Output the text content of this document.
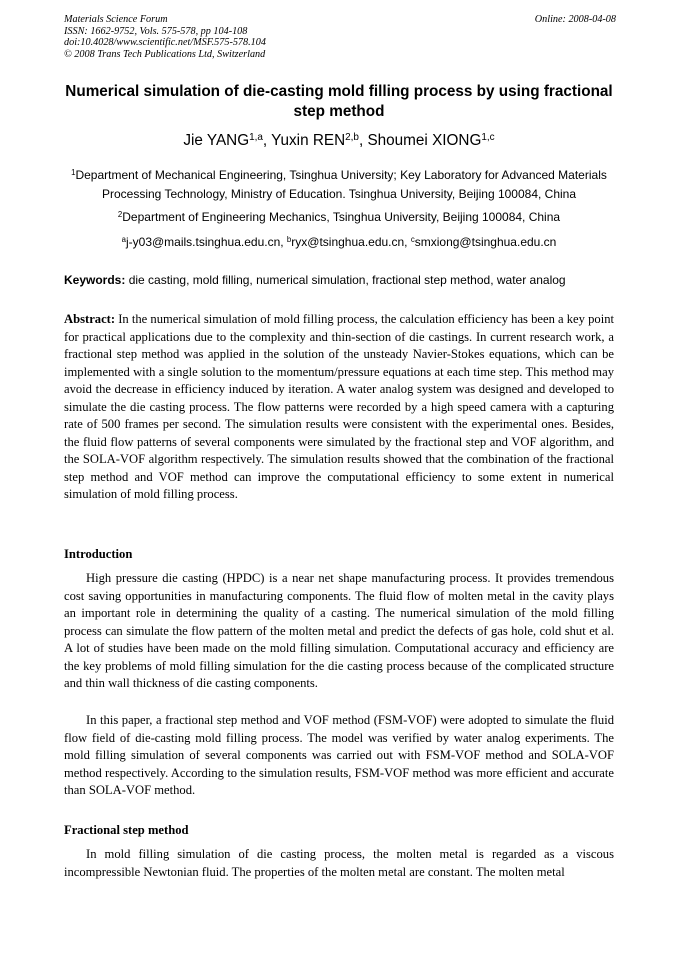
Materials Science Forum
ISSN: 1662-9752, Vols. 575-578, pp 104-108
doi:10.4028/www.scientific.net/MSF.575-578.104
© 2008 Trans Tech Publications Ltd, Switzerland
Online: 2008-04-08
Numerical simulation of die-casting mold filling process by using fractional step method
Jie YANG$^{1,a}$, Yuxin REN$^{2,b}$, Shoumei XIONG$^{1,c}$
$^1$Department of Mechanical Engineering, Tsinghua University; Key Laboratory for Advanced Materials Processing Technology, Ministry of Education. Tsinghua University, Beijing 100084, China
$^2$Department of Engineering Mechanics, Tsinghua University, Beijing 100084, China
$^a$j-y03@mails.tsinghua.edu.cn, $^b$ryx@tsinghua.edu.cn, $^c$smxiong@tsinghua.edu.cn
Keywords: die casting, mold filling, numerical simulation, fractional step method, water analog
Abstract: In the numerical simulation of mold filling process, the calculation efficiency has been a key point for practical applications due to the complexity and thin-section of die castings. In current research work, a fractional step method was applied in the solution of the unsteady Navier-Stokes equations, which can be implemented with a single solution to the momentum/pressure equations at each time step. This method may avoid the decrease in efficiency induced by iteration. A water analog system was designed and developed to simulate the die casting process. The flow patterns were recorded by a high speed camera with a capturing rate of 500 frames per second. The simulation results were consistent with the experimental ones. Besides, the fluid flow patterns of several components were simulated by the fractional step and VOF algorithm, and the SOLA-VOF algorithm respectively. The simulation results showed that the combination of the fractional step method and VOF method can improve the computational efficiency to some extent in numerical simulation of mold filling process.
Introduction
High pressure die casting (HPDC) is a near net shape manufacturing process. It provides tremendous cost saving opportunities in manufacturing components. The fluid flow of molten metal in the cavity plays an important role in determining the quality of a casting. The numerical simulation of the mold filling process can simulate the flow pattern of the molten metal and predict the defects of gas hole, cold shut et al. A lot of studies have been made on the mold filling simulation. Computational accuracy and efficiency are the key problems of mold filling simulation for the die casting process because of the complicated structure and thin wall thickness of die casting components.
In this paper, a fractional step method and VOF method (FSM-VOF) were adopted to simulate the fluid flow field of die-casting mold filling process. The model was verified by water analog experiments. The mold filling simulation of several components was carried out with FSM-VOF method and SOLA-VOF method respectively. According to the simulation results, FSM-VOF method was more efficient and accurate than SOLA-VOF method.
Fractional step method
In mold filling simulation of die casting process, the molten metal is regarded as a viscous incompressible Newtonian fluid. The properties of the molten metal are constant. The molten metal
